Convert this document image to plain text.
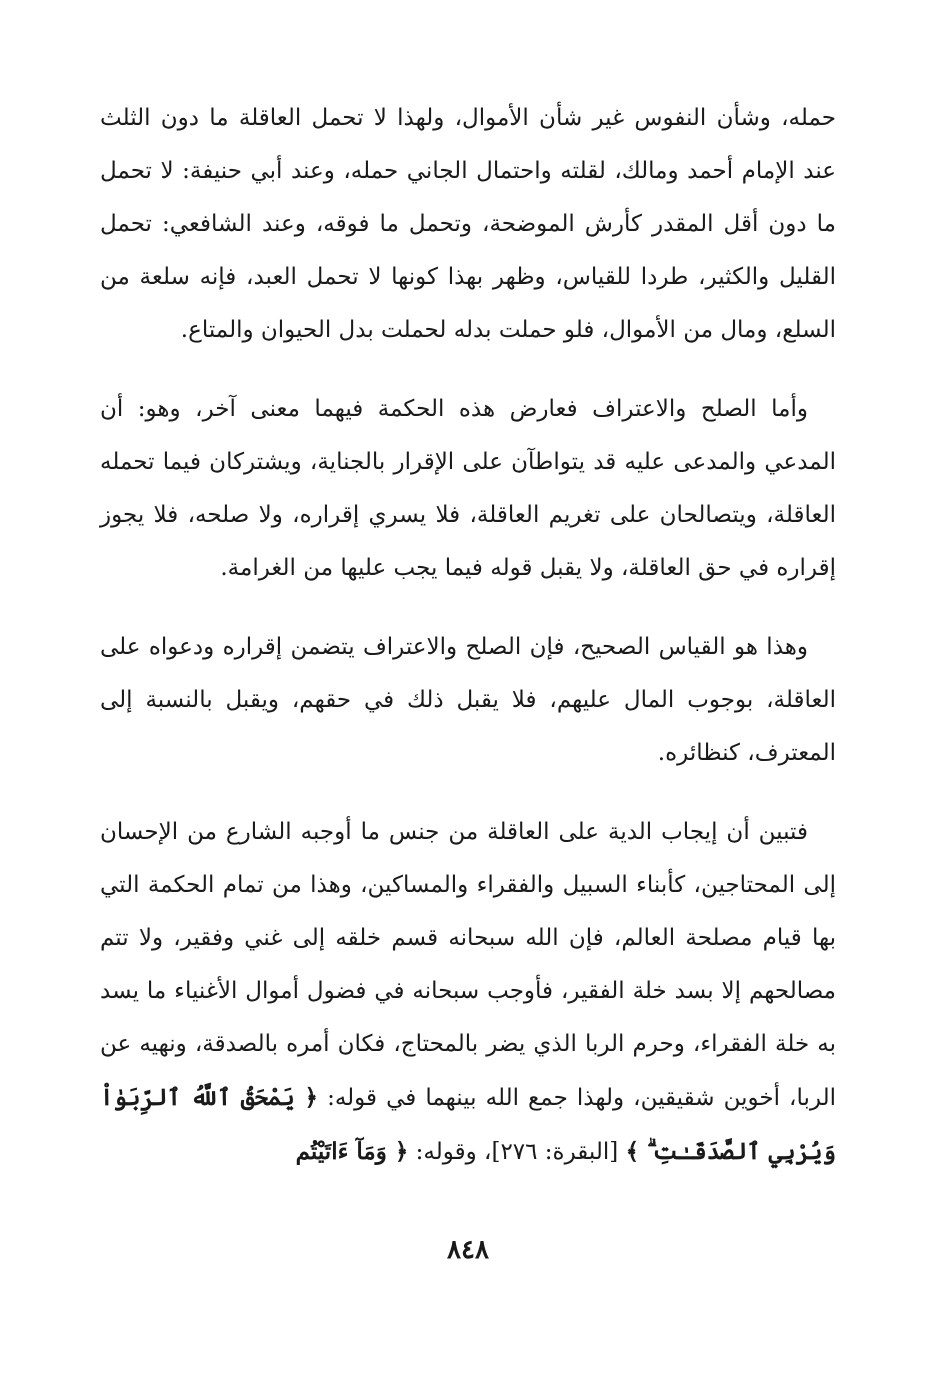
حمله، وشأن النفوس غير شأن الأموال، ولهذا لا تحمل العاقلة ما دون الثلث عند الإمام أحمد ومالك، لقلته واحتمال الجاني حمله، وعند أبي حنيفة: لا تحمل ما دون أقل المقدر كأرش الموضحة، وتحمل ما فوقه، وعند الشافعي: تحمل القليل والكثير، طردا للقياس، وظهر بهذا كونها لا تحمل العبد، فإنه سلعة من السلع، ومال من الأموال، فلو حملت بدله لحملت بدل الحيوان والمتاع.

وأما الصلح والاعتراف فعارض هذه الحكمة فيهما معنى آخر، وهو: أن المدعي والمدعى عليه قد يتواطآن على الإقرار بالجناية، ويشتركان فيما تحمله العاقلة، ويتصالحان على تغريم العاقلة، فلا يسري إقراره، ولا صلحه، فلا يجوز إقراره في حق العاقلة، ولا يقبل قوله فيما يجب عليها من الغرامة.

وهذا هو القياس الصحيح، فإن الصلح والاعتراف يتضمن إقراره ودعواه على العاقلة، بوجوب المال عليهم، فلا يقبل ذلك في حقهم، ويقبل بالنسبة إلى المعترف، كنظائره.

فتبين أن إيجاب الدية على العاقلة من جنس ما أوجبه الشارع من الإحسان إلى المحتاجين، كأبناء السبيل والفقراء والمساكين، وهذا من تمام الحكمة التي بها قيام مصلحة العالم، فإن الله سبحانه قسم خلقه إلى غني وفقير، ولا تتم مصالحهم إلا بسد خلة الفقير، فأوجب سبحانه في فضول أموال الأغنياء ما يسد به خلة الفقراء، وحرم الربا الذي يضر بالمحتاج، فكان أمره بالصدقة، ونهيه عن الربا، أخوين شقيقين، ولهذا جمع الله بينهما في قوله: ﴿ يَمْحَقُ ٱللَّهُ ٱلرِّبَوٰاْ وَيُرْبِي ٱلصَّدَقَـٰتِ ۗ ﴾ [البقرة: ٢٧٦]، وقوله: ﴿ وَمَآ ءَاتَيْتُم

٨٤٨
